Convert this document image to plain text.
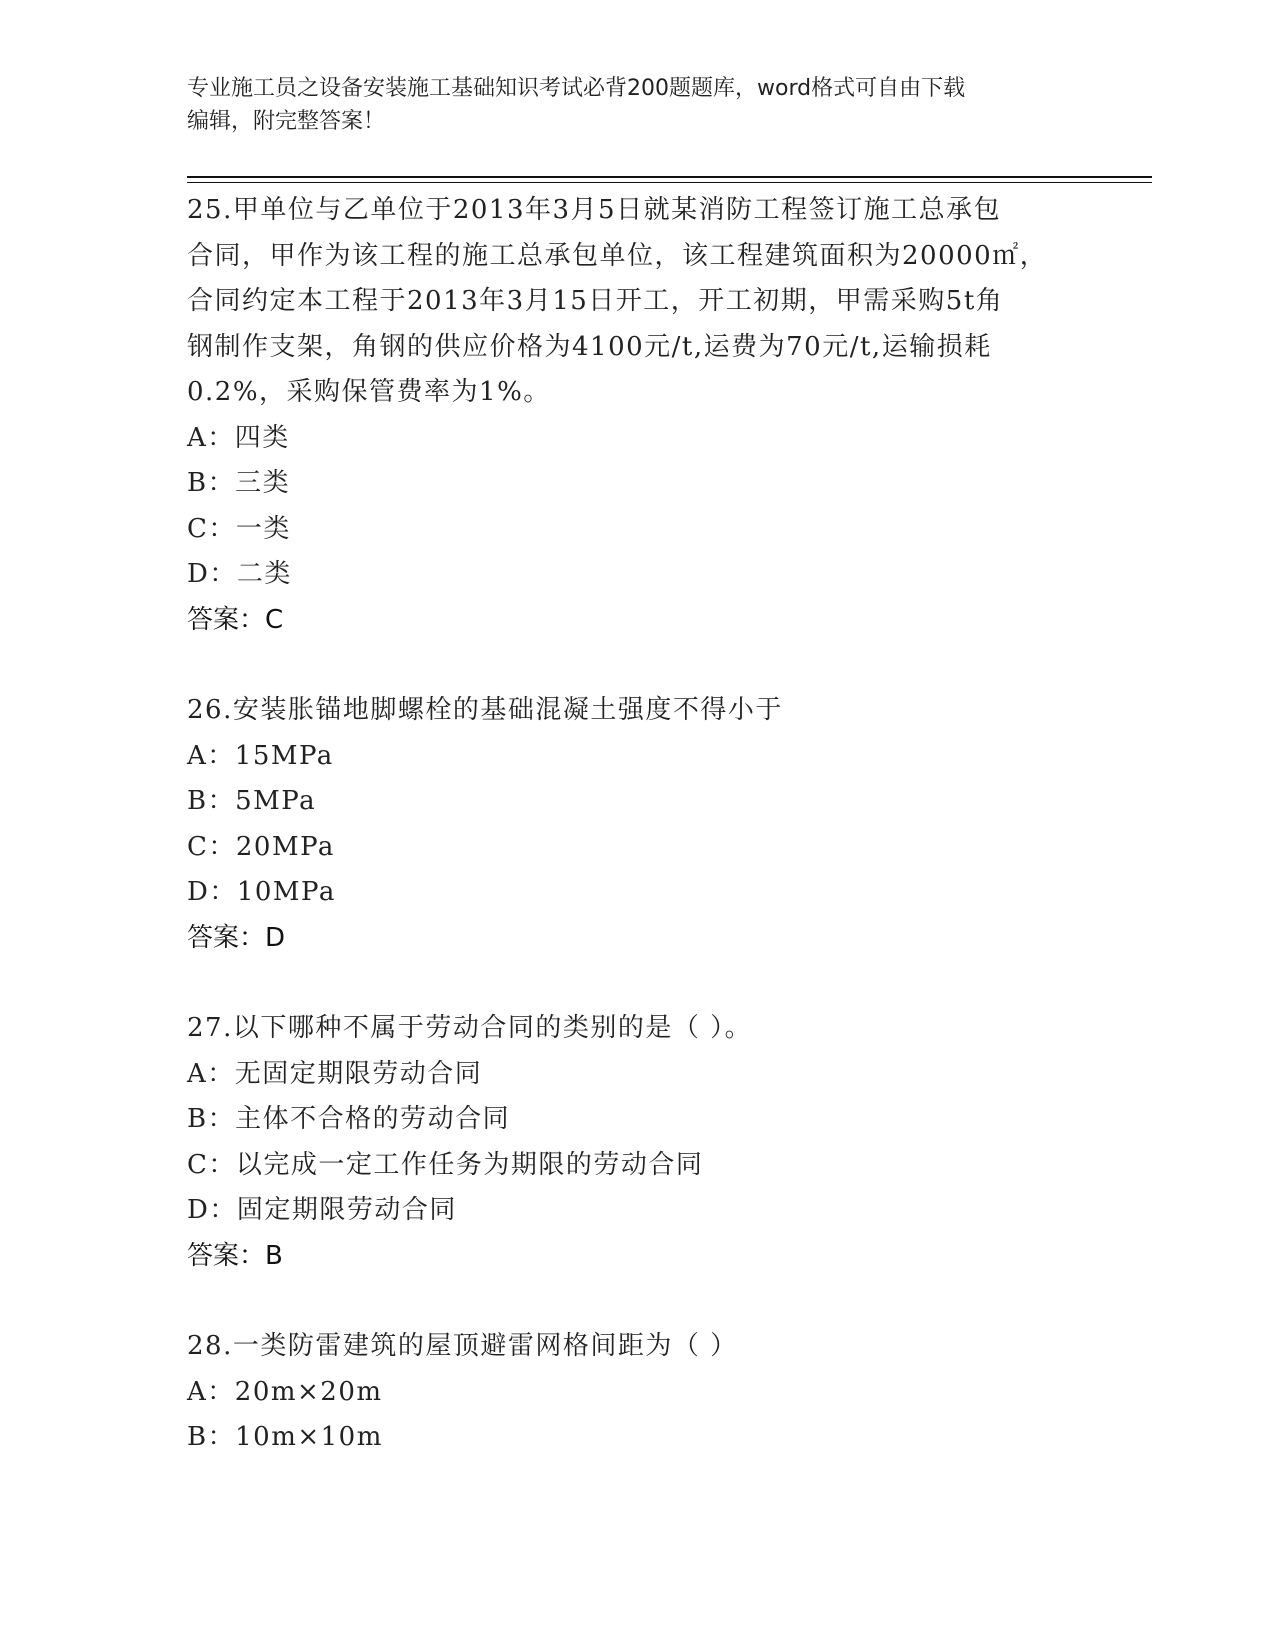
专业施工员之设备安装施工基础知识考试必背200题题库，word格式可自由下载
编辑，附完整答案！
25.甲单位与乙单位于2013年3月5日就某消防工程签订施工总承包
合同，甲作为该工程的施工总承包单位，该工程建筑面积为20000㎡，
合同约定本工程于2013年3月15日开工，开工初期，甲需采购5t角
钢制作支架，角钢的供应价格为4100元/t,运费为70元/t,运输损耗
0.2%，采购保管费率为1%。
A：四类
B：三类
C：一类
D：二类
答案：C
26.安装胀锚地脚螺栓的基础混凝土强度不得小于
A：15MPa
B：5MPa
C：20MPa
D：10MPa
答案：D
27.以下哪种不属于劳动合同的类别的是（ ）。
A：无固定期限劳动合同
B：主体不合格的劳动合同
C：以完成一定工作任务为期限的劳动合同
D：固定期限劳动合同
答案：B
28.一类防雷建筑的屋顶避雷网格间距为（ ）
A：20m×20m
B：10m×10m
